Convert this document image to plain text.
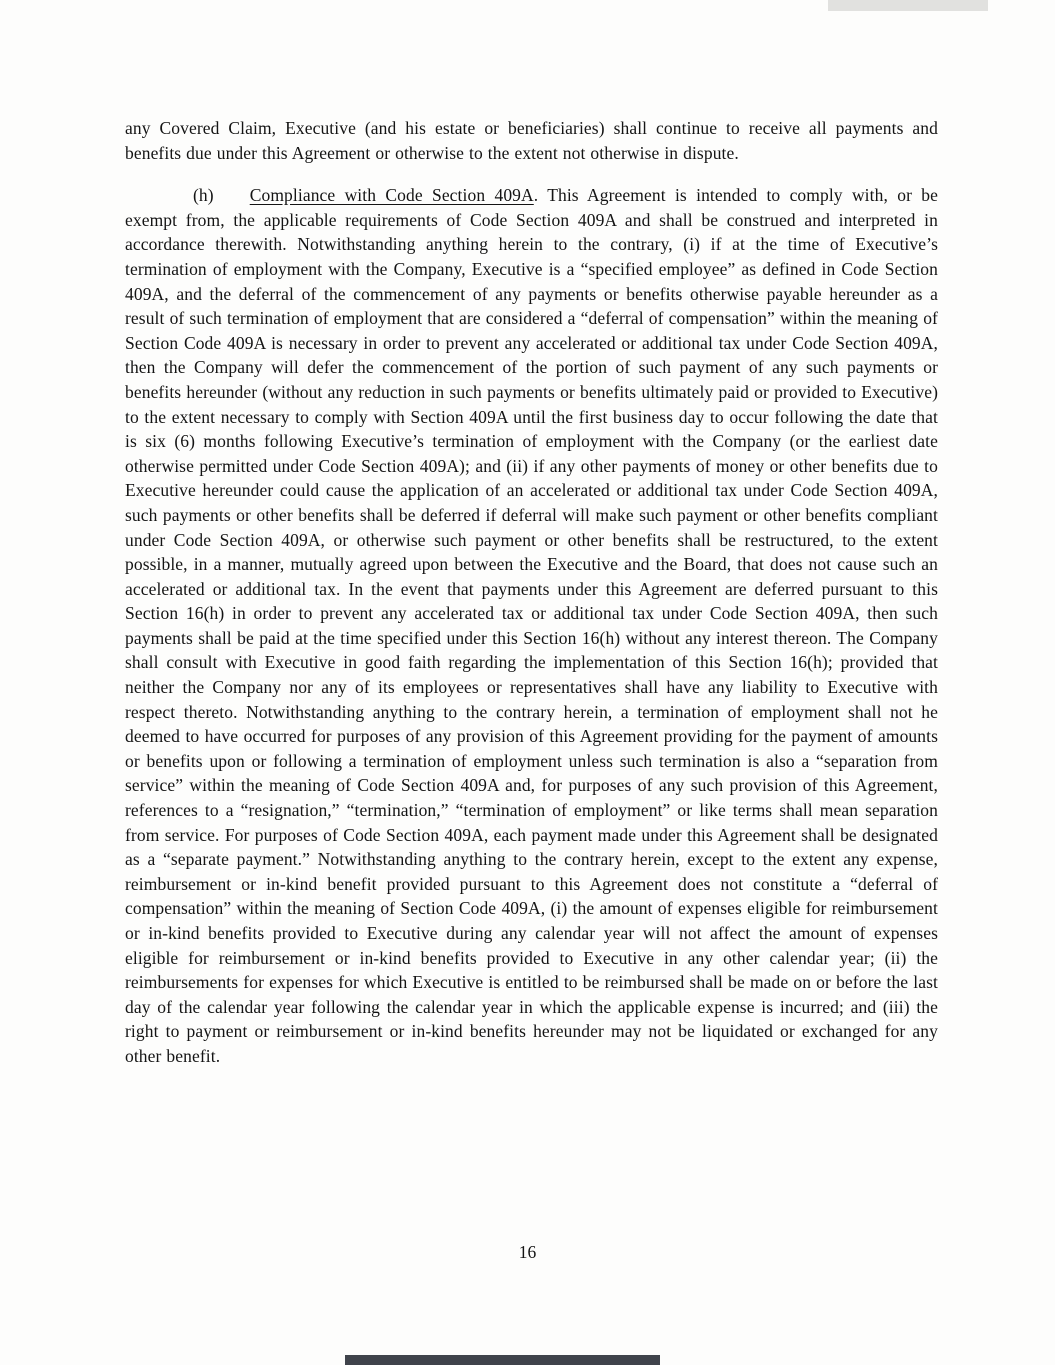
any Covered Claim, Executive (and his estate or beneficiaries) shall continue to receive all payments and benefits due under this Agreement or otherwise to the extent not otherwise in dispute.

(h) Compliance with Code Section 409A. This Agreement is intended to comply with, or be exempt from, the applicable requirements of Code Section 409A and shall be construed and interpreted in accordance therewith. Notwithstanding anything herein to the contrary, (i) if at the time of Executive’s termination of employment with the Company, Executive is a “specified employee” as defined in Code Section 409A, and the deferral of the commencement of any payments or benefits otherwise payable hereunder as a result of such termination of employment that are considered a “deferral of compensation” within the meaning of Section Code 409A is necessary in order to prevent any accelerated or additional tax under Code Section 409A, then the Company will defer the commencement of the portion of such payment of any such payments or benefits hereunder (without any reduction in such payments or benefits ultimately paid or provided to Executive) to the extent necessary to comply with Section 409A until the first business day to occur following the date that is six (6) months following Executive’s termination of employment with the Company (or the earliest date otherwise permitted under Code Section 409A); and (ii) if any other payments of money or other benefits due to Executive hereunder could cause the application of an accelerated or additional tax under Code Section 409A, such payments or other benefits shall be deferred if deferral will make such payment or other benefits compliant under Code Section 409A, or otherwise such payment or other benefits shall be restructured, to the extent possible, in a manner, mutually agreed upon between the Executive and the Board, that does not cause such an accelerated or additional tax. In the event that payments under this Agreement are deferred pursuant to this Section 16(h) in order to prevent any accelerated tax or additional tax under Code Section 409A, then such payments shall be paid at the time specified under this Section 16(h) without any interest thereon. The Company shall consult with Executive in good faith regarding the implementation of this Section 16(h); provided that neither the Company nor any of its employees or representatives shall have any liability to Executive with respect thereto. Notwithstanding anything to the contrary herein, a termination of employment shall not he deemed to have occurred for purposes of any provision of this Agreement providing for the payment of amounts or benefits upon or following a termination of employment unless such termination is also a “separation from service” within the meaning of Code Section 409A and, for purposes of any such provision of this Agreement, references to a “resignation,” “termination,” “termination of employment” or like terms shall mean separation from service. For purposes of Code Section 409A, each payment made under this Agreement shall be designated as a “separate payment.” Notwithstanding anything to the contrary herein, except to the extent any expense, reimbursement or in-kind benefit provided pursuant to this Agreement does not constitute a “deferral of compensation” within the meaning of Section Code 409A, (i) the amount of expenses eligible for reimbursement or in-kind benefits provided to Executive during any calendar year will not affect the amount of expenses eligible for reimbursement or in-kind benefits provided to Executive in any other calendar year; (ii) the reimbursements for expenses for which Executive is entitled to be reimbursed shall be made on or before the last day of the calendar year following the calendar year in which the applicable expense is incurred; and (iii) the right to payment or reimbursement or in-kind benefits hereunder may not be liquidated or exchanged for any other benefit.

16
